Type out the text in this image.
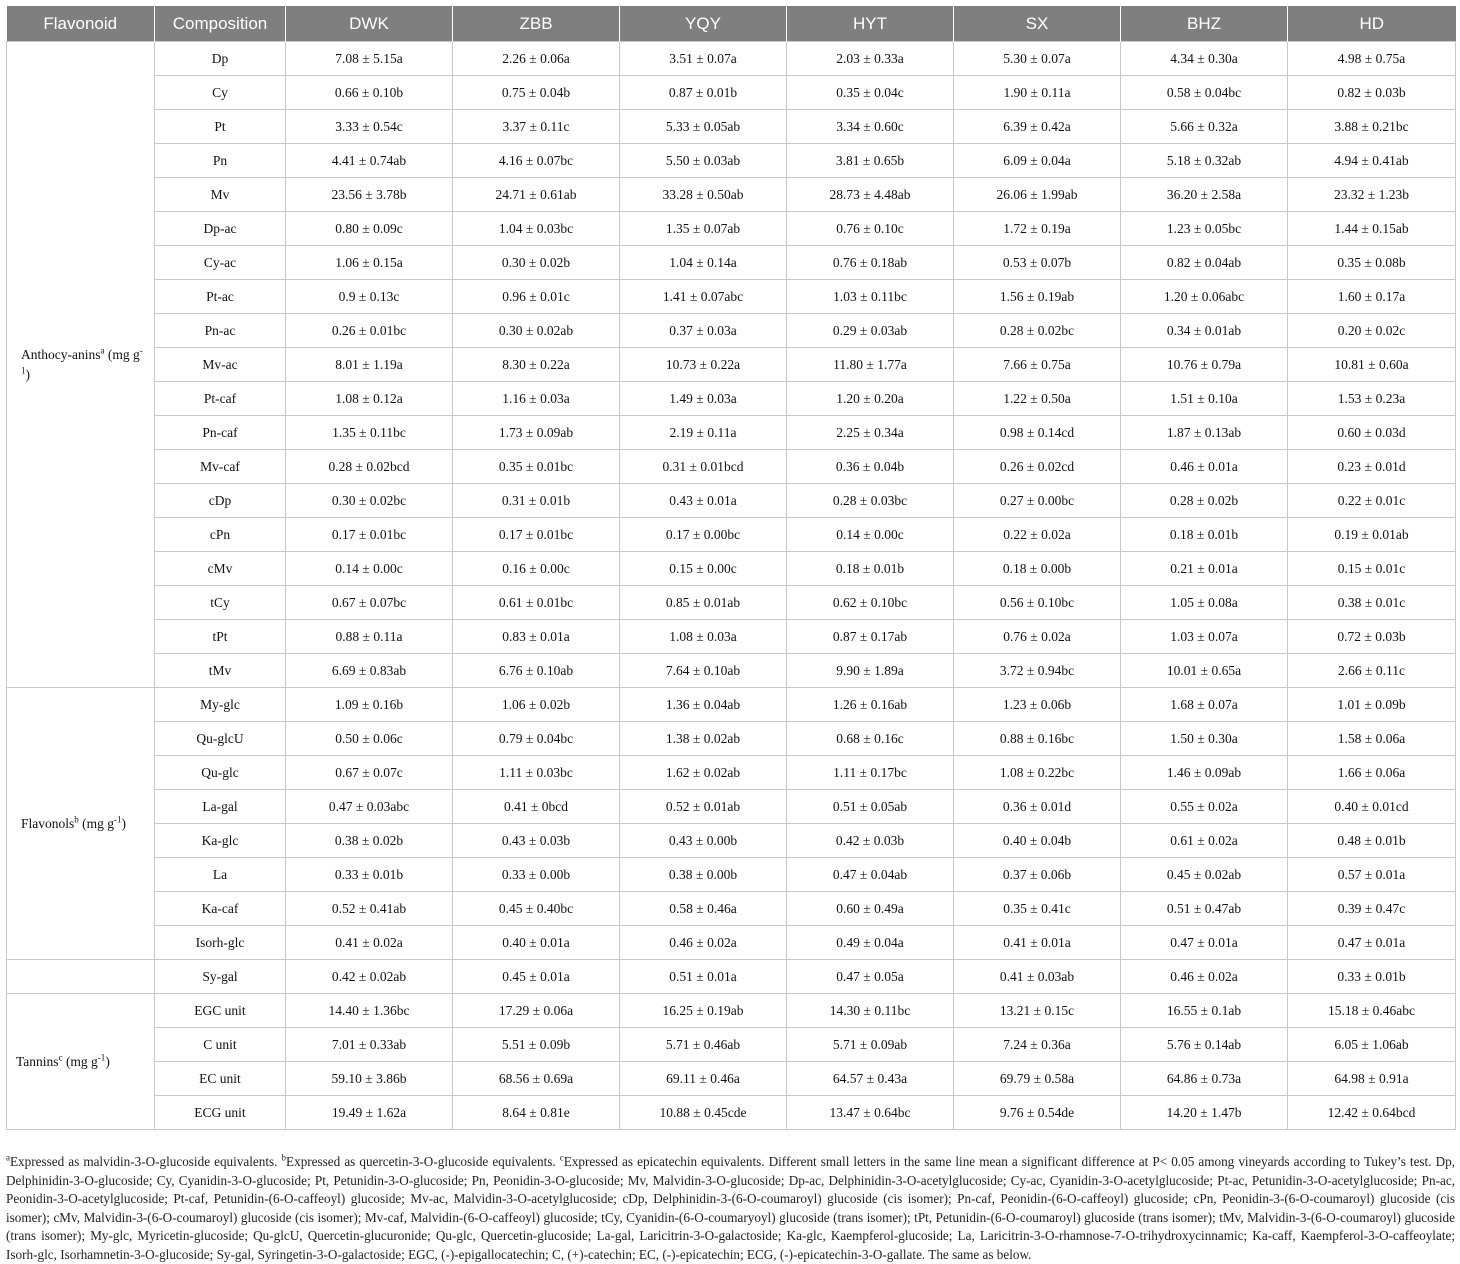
Flavonoid	Composition	DWK	ZBB	YQY	HYT	SX	BHZ	HD
Anthocy-anins$^a$ (mg $g^{-1}$)	Dp	7.08 ± 5.15a	2.26 ± 0.06a	3.51 ± 0.07a	2.03 ± 0.33a	5.30 ± 0.07a	4.34 ± 0.30a	4.98 ± 0.75a
	Cy	0.66 ± 0.10b	0.75 ± 0.04b	0.87 ± 0.01b	0.35 ± 0.04c	1.90 ± 0.11a	0.58 ± 0.04bc	0.82 ± 0.03b
	Pt	3.33 ± 0.54c	3.37 ± 0.11c	5.33 ± 0.05ab	3.34 ± 0.60c	6.39 ± 0.42a	5.66 ± 0.32a	3.88 ± 0.21bc
	Pn	4.41 ± 0.74ab	4.16 ± 0.07bc	5.50 ± 0.03ab	3.81 ± 0.65b	6.09 ± 0.04a	5.18 ± 0.32ab	4.94 ± 0.41ab
	Mv	23.56 ± 3.78b	24.71 ± 0.61ab	33.28 ± 0.50ab	28.73 ± 4.48ab	26.06 ± 1.99ab	36.20 ± 2.58a	23.32 ± 1.23b
	Dp-ac	0.80 ± 0.09c	1.04 ± 0.03bc	1.35 ± 0.07ab	0.76 ± 0.10c	1.72 ± 0.19a	1.23 ± 0.05bc	1.44 ± 0.15ab
	Cy-ac	1.06 ± 0.15a	0.30 ± 0.02b	1.04 ± 0.14a	0.76 ± 0.18ab	0.53 ± 0.07b	0.82 ± 0.04ab	0.35 ± 0.08b
	Pt-ac	0.9 ± 0.13c	0.96 ± 0.01c	1.41 ± 0.07abc	1.03 ± 0.11bc	1.56 ± 0.19ab	1.20 ± 0.06abc	1.60 ± 0.17a
	Pn-ac	0.26 ± 0.01bc	0.30 ± 0.02ab	0.37 ± 0.03a	0.29 ± 0.03ab	0.28 ± 0.02bc	0.34 ± 0.01ab	0.20 ± 0.02c
	Mv-ac	8.01 ± 1.19a	8.30 ± 0.22a	10.73 ± 0.22a	11.80 ± 1.77a	7.66 ± 0.75a	10.76 ± 0.79a	10.81 ± 0.60a
	Pt-caf	1.08 ± 0.12a	1.16 ± 0.03a	1.49 ± 0.03a	1.20 ± 0.20a	1.22 ± 0.50a	1.51 ± 0.10a	1.53 ± 0.23a
	Pn-caf	1.35 ± 0.11bc	1.73 ± 0.09ab	2.19 ± 0.11a	2.25 ± 0.34a	0.98 ± 0.14cd	1.87 ± 0.13ab	0.60 ± 0.03d
	Mv-caf	0.28 ± 0.02bcd	0.35 ± 0.01bc	0.31 ± 0.01bcd	0.36 ± 0.04b	0.26 ± 0.02cd	0.46 ± 0.01a	0.23 ± 0.01d
	cDp	0.30 ± 0.02bc	0.31 ± 0.01b	0.43 ± 0.01a	0.28 ± 0.03bc	0.27 ± 0.00bc	0.28 ± 0.02b	0.22 ± 0.01c
	cPn	0.17 ± 0.01bc	0.17 ± 0.01bc	0.17 ± 0.00bc	0.14 ± 0.00c	0.22 ± 0.02a	0.18 ± 0.01b	0.19 ± 0.01ab
	cMv	0.14 ± 0.00c	0.16 ± 0.00c	0.15 ± 0.00c	0.18 ± 0.01b	0.18 ± 0.00b	0.21 ± 0.01a	0.15 ± 0.01c
	tCy	0.67 ± 0.07bc	0.61 ± 0.01bc	0.85 ± 0.01ab	0.62 ± 0.10bc	0.56 ± 0.10bc	1.05 ± 0.08a	0.38 ± 0.01c
	tPt	0.88 ± 0.11a	0.83 ± 0.01a	1.08 ± 0.03a	0.87 ± 0.17ab	0.76 ± 0.02a	1.03 ± 0.07a	0.72 ± 0.03b
	tMv	6.69 ± 0.83ab	6.76 ± 0.10ab	7.64 ± 0.10ab	9.90 ± 1.89a	3.72 ± 0.94bc	10.01 ± 0.65a	2.66 ± 0.11c
Flavonols$^b$ (mg $g^{-1}$)	My-glc	1.09 ± 0.16b	1.06 ± 0.02b	1.36 ± 0.04ab	1.26 ± 0.16ab	1.23 ± 0.06b	1.68 ± 0.07a	1.01 ± 0.09b
	Qu-glcU	0.50 ± 0.06c	0.79 ± 0.04bc	1.38 ± 0.02ab	0.68 ± 0.16c	0.88 ± 0.16bc	1.50 ± 0.30a	1.58 ± 0.06a
	Qu-glc	0.67 ± 0.07c	1.11 ± 0.03bc	1.62 ± 0.02ab	1.11 ± 0.17bc	1.08 ± 0.22bc	1.46 ± 0.09ab	1.66 ± 0.06a
	La-gal	0.47 ± 0.03abc	0.41 ± 0bcd	0.52 ± 0.01ab	0.51 ± 0.05ab	0.36 ± 0.01d	0.55 ± 0.02a	0.40 ± 0.01cd
	Ka-glc	0.38 ± 0.02b	0.43 ± 0.03b	0.43 ± 0.00b	0.42 ± 0.03b	0.40 ± 0.04b	0.61 ± 0.02a	0.48 ± 0.01b
	La	0.33 ± 0.01b	0.33 ± 0.00b	0.38 ± 0.00b	0.47 ± 0.04ab	0.37 ± 0.06b	0.45 ± 0.02ab	0.57 ± 0.01a
	Ka-caf	0.52 ± 0.41ab	0.45 ± 0.40bc	0.58 ± 0.46a	0.60 ± 0.49a	0.35 ± 0.41c	0.51 ± 0.47ab	0.39 ± 0.47c
	Isorh-glc	0.41 ± 0.02a	0.40 ± 0.01a	0.46 ± 0.02a	0.49 ± 0.04a	0.41 ± 0.01a	0.47 ± 0.01a	0.47 ± 0.01a
	Sy-gal	0.42 ± 0.02ab	0.45 ± 0.01a	0.51 ± 0.01a	0.47 ± 0.05a	0.41 ± 0.03ab	0.46 ± 0.02a	0.33 ± 0.01b
Tannins$^c$ (mg $g^{-1}$)	EGC unit	14.40 ± 1.36bc	17.29 ± 0.06a	16.25 ± 0.19ab	14.30 ± 0.11bc	13.21 ± 0.15c	16.55 ± 0.1ab	15.18 ± 0.46abc
	C unit	7.01 ± 0.33ab	5.51 ± 0.09b	5.71 ± 0.46ab	5.71 ± 0.09ab	7.24 ± 0.36a	5.76 ± 0.14ab	6.05 ± 1.06ab
	EC unit	59.10 ± 3.86b	68.56 ± 0.69a	69.11 ± 0.46a	64.57 ± 0.43a	69.79 ± 0.58a	64.86 ± 0.73a	64.98 ± 0.91a
	ECG unit	19.49 ± 1.62a	8.64 ± 0.81e	10.88 ± 0.45cde	13.47 ± 0.64bc	9.76 ± 0.54de	14.20 ± 1.47b	12.42 ± 0.64bcd

$^a$Expressed as malvidin-3-O-glucoside equivalents. $^b$Expressed as quercetin-3-O-glucoside equivalents. $^c$Expressed as epicatechin equivalents. Different small letters in the same line mean a significant difference at P< 0.05 among vineyards according to Tukey’s test. Dp, Delphinidin-3-O-glucoside; Cy, Cyanidin-3-O-glucoside; Pt, Petunidin-3-O-glucoside; Pn, Peonidin-3-O-glucoside; Mv, Malvidin-3-O-glucoside; Dp-ac, Delphinidin-3-O-acetylglucoside; Cy-ac, Cyanidin-3-O-acetylglucoside; Pt-ac, Petunidin-3-O-acetylglucoside; Pn-ac, Peonidin-3-O-acetylglucoside; Pt-caf, Petunidin-(6-O-caffeoyl) glucoside; Mv-ac, Malvidin-3-O-acetylglucoside; cDp, Delphinidin-3-(6-O-coumaroyl) glucoside (cis isomer); Pn-caf, Peonidin-(6-O-caffeoyl) glucoside; cPn, Peonidin-3-(6-O-coumaroyl) glucoside (cis isomer); cMv, Malvidin-3-(6-O-coumaroyl) glucoside (cis isomer); Mv-caf, Malvidin-(6-O-caffeoyl) glucoside; tCy, Cyanidin-(6-O-coumaryoyl) glucoside (trans isomer); tPt, Petunidin-(6-O-coumaroyl) glucoside (trans isomer); tMv, Malvidin-3-(6-O-coumaroyl) glucoside (trans isomer); My-glc, Myricetin-glucoside; Qu-glcU, Quercetin-glucuronide; Qu-glc, Quercetin-glucoside; La-gal, Laricitrin-3-O-galactoside; Ka-glc, Kaempferol-glucoside; La, Laricitrin-3-O-rhamnose-7-O-trihydroxycinnamic; Ka-caff, Kaempferol-3-O-caffeoylate; Isorh-glc, Isorhamnetin-3-O-glucoside; Sy-gal, Syringetin-3-O-galactoside; EGC, (-)-epigallocatechin; C, (+)-catechin; EC, (-)-epicatechin; ECG, (-)-epicatechin-3-O-gallate. The same as below.
